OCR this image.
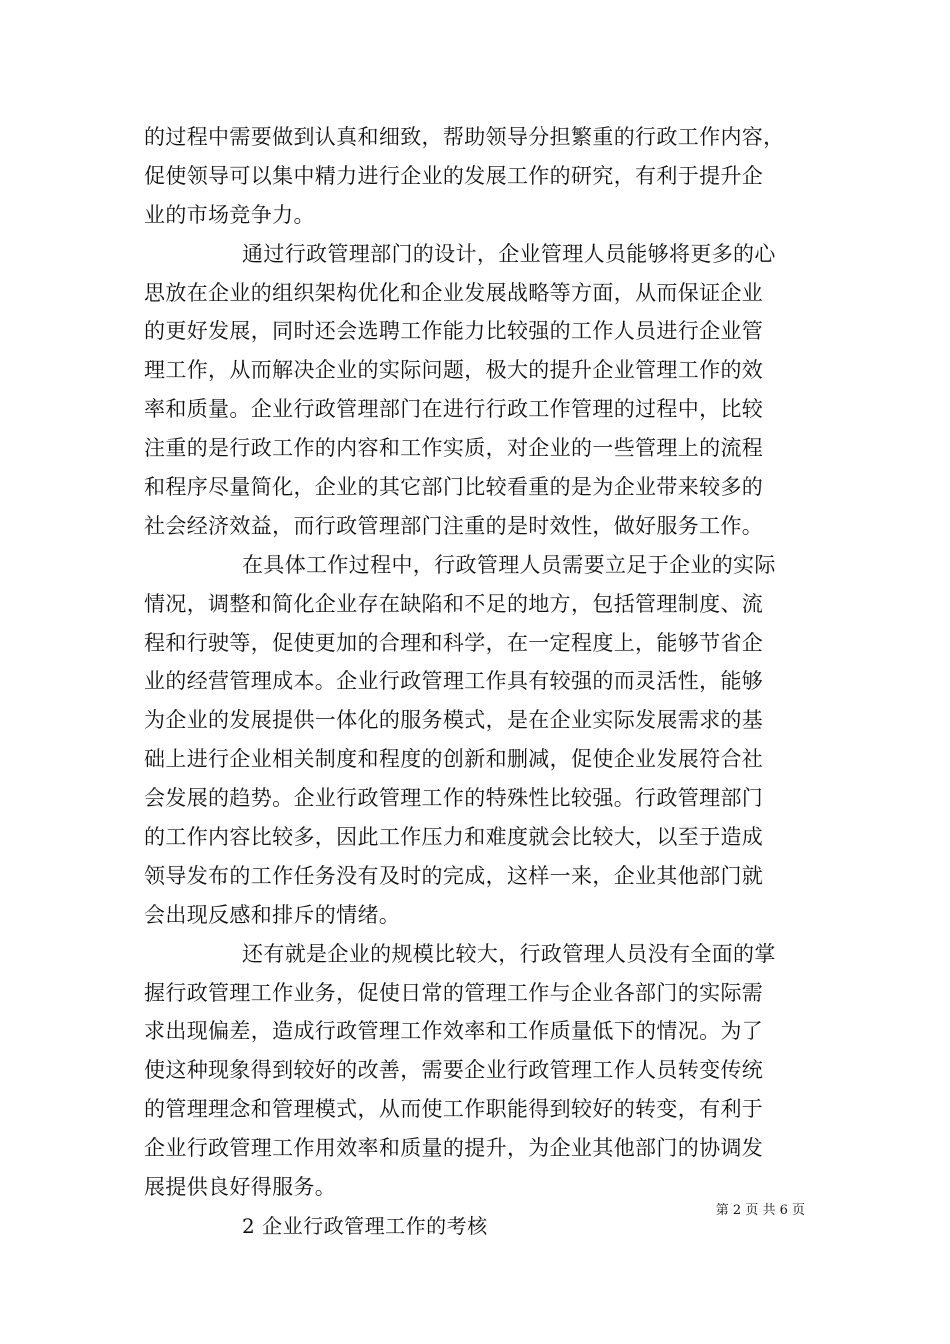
的过程中需要做到认真和细致，帮助领导分担繁重的行政工作内容，
促使领导可以集中精力进行企业的发展工作的研究，有利于提升企
业的市场竞争力。
通过行政管理部门的设计，企业管理人员能够将更多的心
思放在企业的组织架构优化和企业发展战略等方面，从而保证企业
的更好发展，同时还会选聘工作能力比较强的工作人员进行企业管
理工作，从而解决企业的实际问题，极大的提升企业管理工作的效
率和质量。企业行政管理部门在进行行政工作管理的过程中，比较
注重的是行政工作的内容和工作实质，对企业的一些管理上的流程
和程序尽量简化，企业的其它部门比较看重的是为企业带来较多的
社会经济效益，而行政管理部门注重的是时效性，做好服务工作。
在具体工作过程中，行政管理人员需要立足于企业的实际
情况，调整和简化企业存在缺陷和不足的地方，包括管理制度、流
程和行驶等，促使更加的合理和科学，在一定程度上，能够节省企
业的经营管理成本。企业行政管理工作具有较强的而灵活性，能够
为企业的发展提供一体化的服务模式，是在企业实际发展需求的基
础上进行企业相关制度和程度的创新和删减，促使企业发展符合社
会发展的趋势。企业行政管理工作的特殊性比较强。行政管理部门
的工作内容比较多，因此工作压力和难度就会比较大，以至于造成
领导发布的工作任务没有及时的完成，这样一来，企业其他部门就
会出现反感和排斥的情绪。
还有就是企业的规模比较大，行政管理人员没有全面的掌
握行政管理工作业务，促使日常的管理工作与企业各部门的实际需
求出现偏差，造成行政管理工作效率和工作质量低下的情况。为了
使这种现象得到较好的改善，需要企业行政管理工作人员转变传统
的管理理念和管理模式，从而使工作职能得到较好的转变，有利于
企业行政管理工作用效率和质量的提升，为企业其他部门的协调发
展提供良好得服务。
2 企业行政管理工作的考核
第 2 页 共 6 页
